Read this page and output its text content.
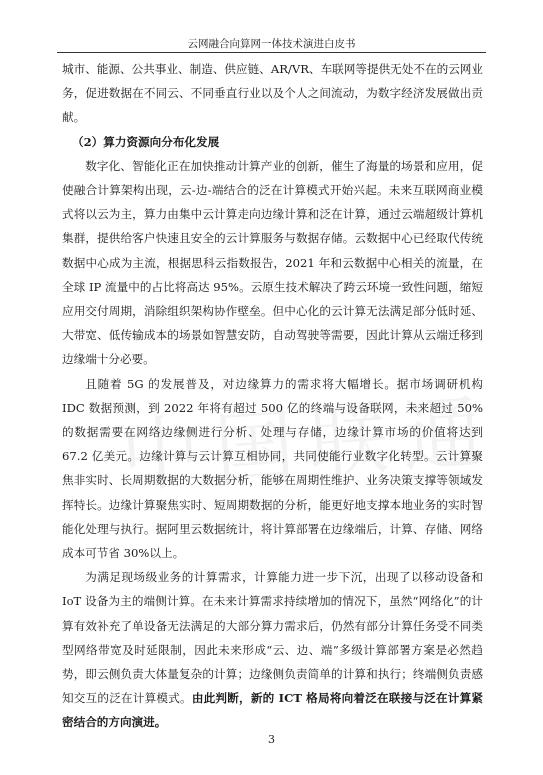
云网融合向算网一体技术演进白皮书

城市、能源、公共事业、制造、供应链、AR/VR、车联网等提供无处不在的云网业务，促进数据在不同云、不同垂直行业以及个人之间流动，为数字经济发展做出贡献。

（2）算力资源向分布化发展

数字化、智能化正在加快推动计算产业的创新，催生了海量的场景和应用，促使融合计算架构出现，云-边-端结合的泛在计算模式开始兴起。未来互联网商业模式将以云为主，算力由集中云计算走向边缘计算和泛在计算，通过云端超级计算机集群，提供给客户快速且安全的云计算服务与数据存储。云数据中心已经取代传统数据中心成为主流，根据思科云指数报告，2021 年和云数据中心相关的流量，在全球 IP 流量中的占比将高达 95%。云原生技术解决了跨云环境一致性问题，缩短应用交付周期，消除组织架构协作壁垒。但中心化的云计算无法满足部分低时延、大带宽、低传输成本的场景如智慧安防，自动驾驶等需要，因此计算从云端迁移到边缘端十分必要。

且随着 5G 的发展普及，对边缘算力的需求将大幅增长。据市场调研机构 IDC 数据预测，到 2022 年将有超过 500 亿的终端与设备联网，未来超过 50%的数据需要在网络边缘侧进行分析、处理与存储，边缘计算市场的价值将达到 67.2 亿美元。边缘计算与云计算互相协同，共同使能行业数字化转型。云计算聚焦非实时、长周期数据的大数据分析，能够在周期性维护、业务决策支撑等领域发挥特长。边缘计算聚焦实时、短周期数据的分析，能更好地支撑本地业务的实时智能化处理与执行。据阿里云数据统计，将计算部署在边缘端后，计算、存储、网络成本可节省 30%以上。

为满足现场级业务的计算需求，计算能力进一步下沉，出现了以移动设备和 IoT 设备为主的端侧计算。在未来计算需求持续增加的情况下，虽然“网络化”的计算有效补充了单设备无法满足的大部分算力需求后，仍然有部分计算任务受不同类型网络带宽及时延限制，因此未来形成“云、边、端”多级计算部署方案是必然趋势，即云侧负责大体量复杂的计算；边缘侧负责简单的计算和执行；终端侧负责感知交互的泛在计算模式。由此判断，新的 ICT 格局将向着泛在联接与泛在计算紧密结合的方向演进。

3
